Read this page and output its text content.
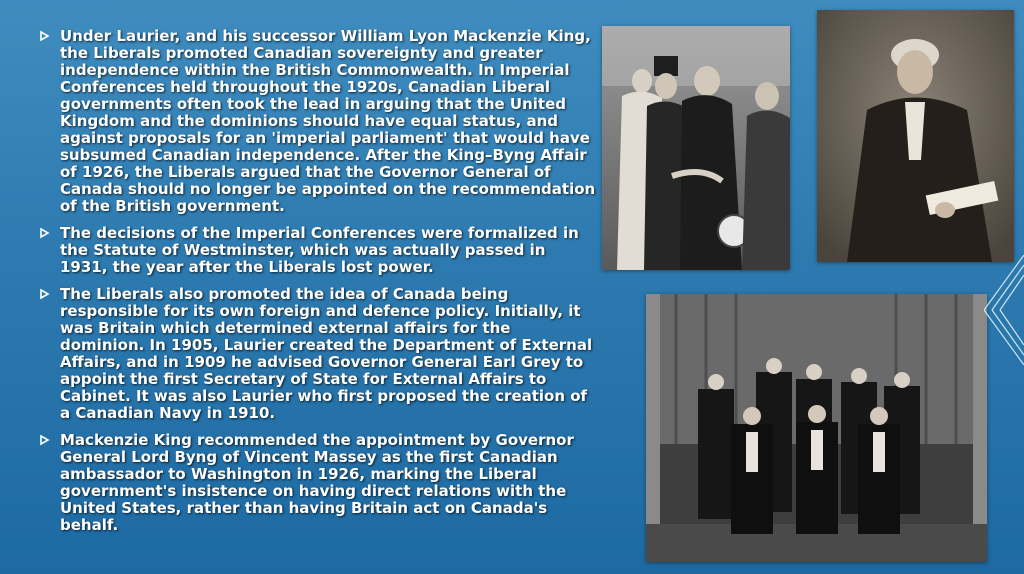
Under Laurier, and his successor William Lyon Mackenzie King, the Liberals promoted Canadian sovereignty and greater independence within the British Commonwealth. In Imperial Conferences held throughout the 1920s, Canadian Liberal governments often took the lead in arguing that the United Kingdom and the dominions should have equal status, and against proposals for an 'imperial parliament' that would have subsumed Canadian independence. After the King–Byng Affair of 1926, the Liberals argued that the Governor General of Canada should no longer be appointed on the recommendation of the British government.
The decisions of the Imperial Conferences were formalized in the Statute of Westminster, which was actually passed in 1931, the year after the Liberals lost power.
The Liberals also promoted the idea of Canada being responsible for its own foreign and defence policy. Initially, it was Britain which determined external affairs for the dominion. In 1905, Laurier created the Department of External Affairs, and in 1909 he advised Governor General Earl Grey to appoint the first Secretary of State for External Affairs to Cabinet. It was also Laurier who first proposed the creation of a Canadian Navy in 1910.
Mackenzie King recommended the appointment by Governor General Lord Byng of Vincent Massey as the first Canadian ambassador to Washington in 1926, marking the Liberal government's insistence on having direct relations with the United States, rather than having Britain act on Canada's behalf.
